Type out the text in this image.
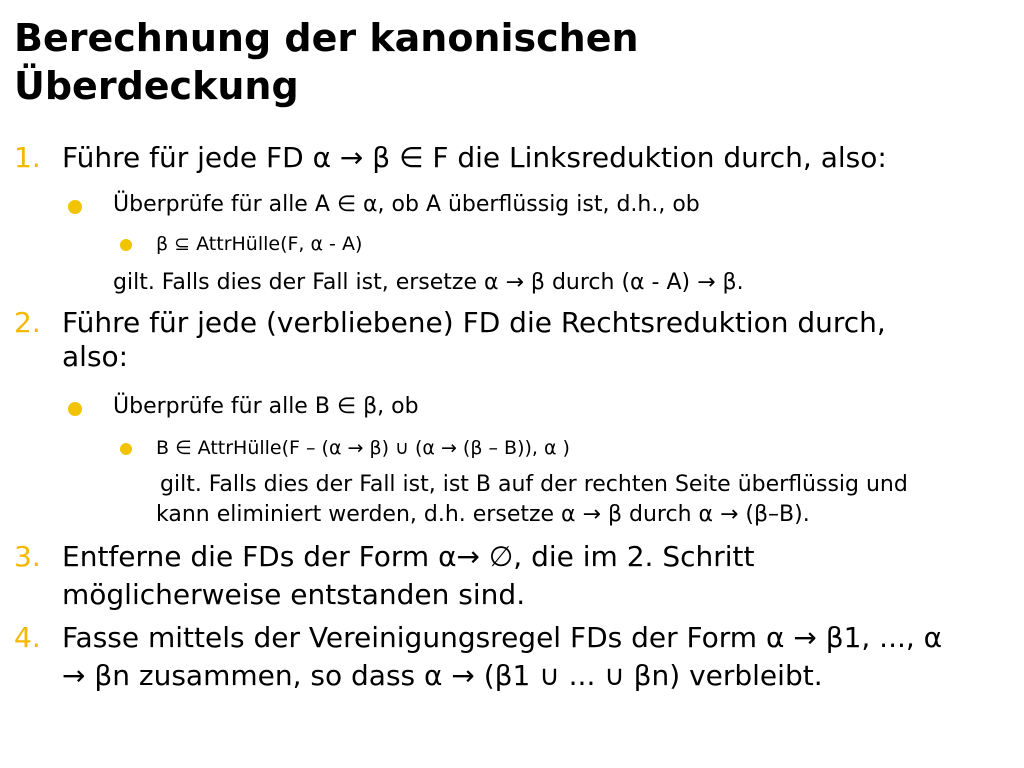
Berechnung der kanonischen
Überdeckung
1. Führe für jede FD α → β ∈ F die Linksreduktion durch, also:
Überprüfe für alle A ∈ α, ob A überflüssig ist, d.h., ob
β ⊆ AttrHülle(F, α - A)
gilt. Falls dies der Fall ist, ersetze α → β durch (α - A) → β.
2. Führe für jede (verbliebene) FD die Rechtsreduktion durch,
also:
Überprüfe für alle B ∈ β, ob
B ∈ AttrHülle(F – (α → β) ∪ (α → (β – B)), α )
gilt. Falls dies der Fall ist, ist B auf der rechten Seite überflüssig und
kann eliminiert werden, d.h. ersetze α → β durch α → (β–B).
3. Entferne die FDs der Form α→ ∅, die im 2. Schritt
möglicherweise entstanden sind.
4. Fasse mittels der Vereinigungsregel FDs der Form α → β1, ..., α
→ βn zusammen, so dass α → (β1 ∪ ... ∪ βn) verbleibt.
